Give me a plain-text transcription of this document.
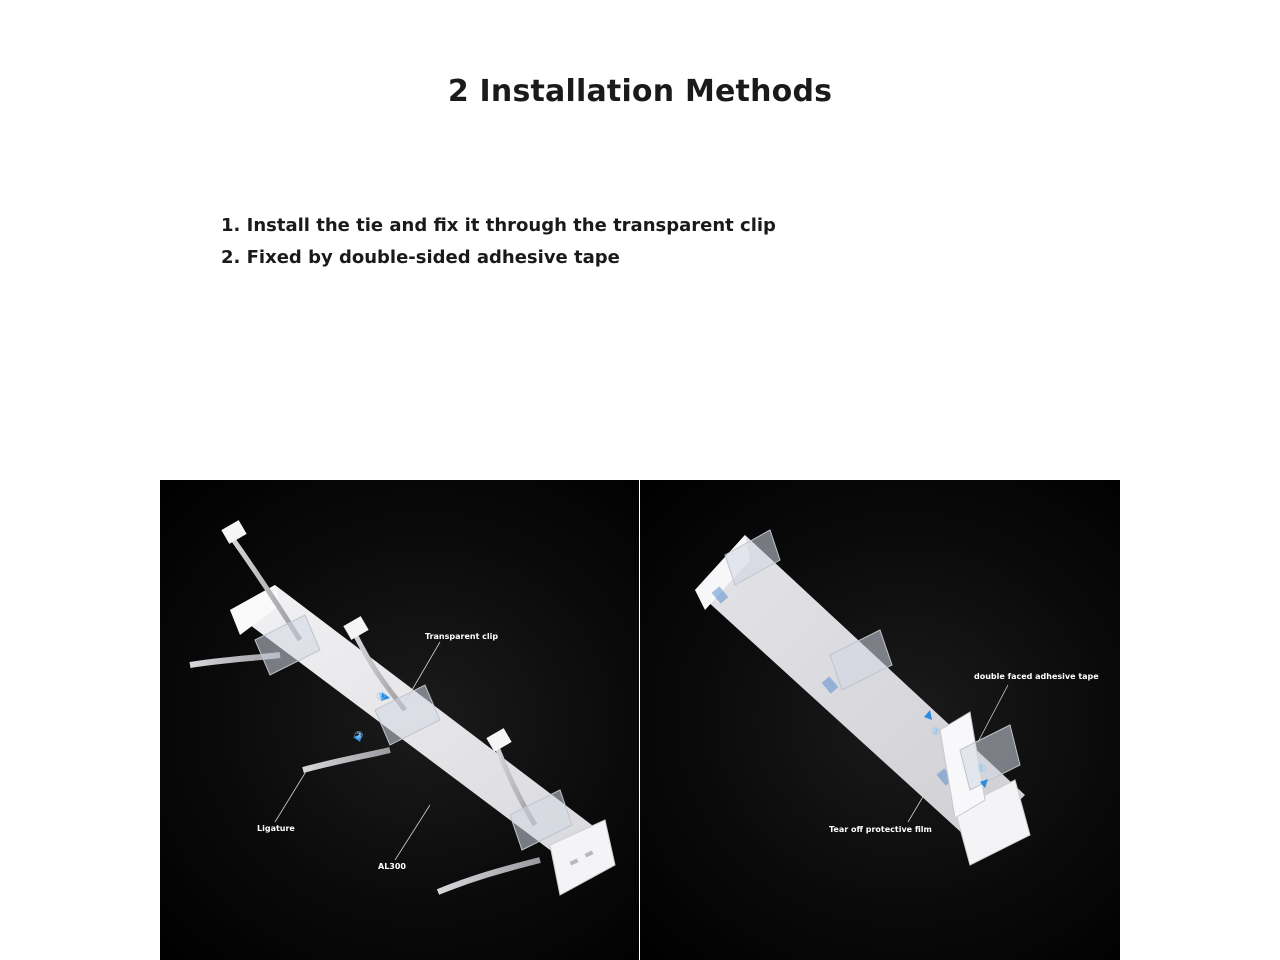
2 Installation Methods
1. Install the tie and fix it through the transparent clip
2. Fixed by double-sided adhesive tape
①
②
Transparent clip
Ligature
AL300
②
①
double faced adhesive tape
Tear off protective film
